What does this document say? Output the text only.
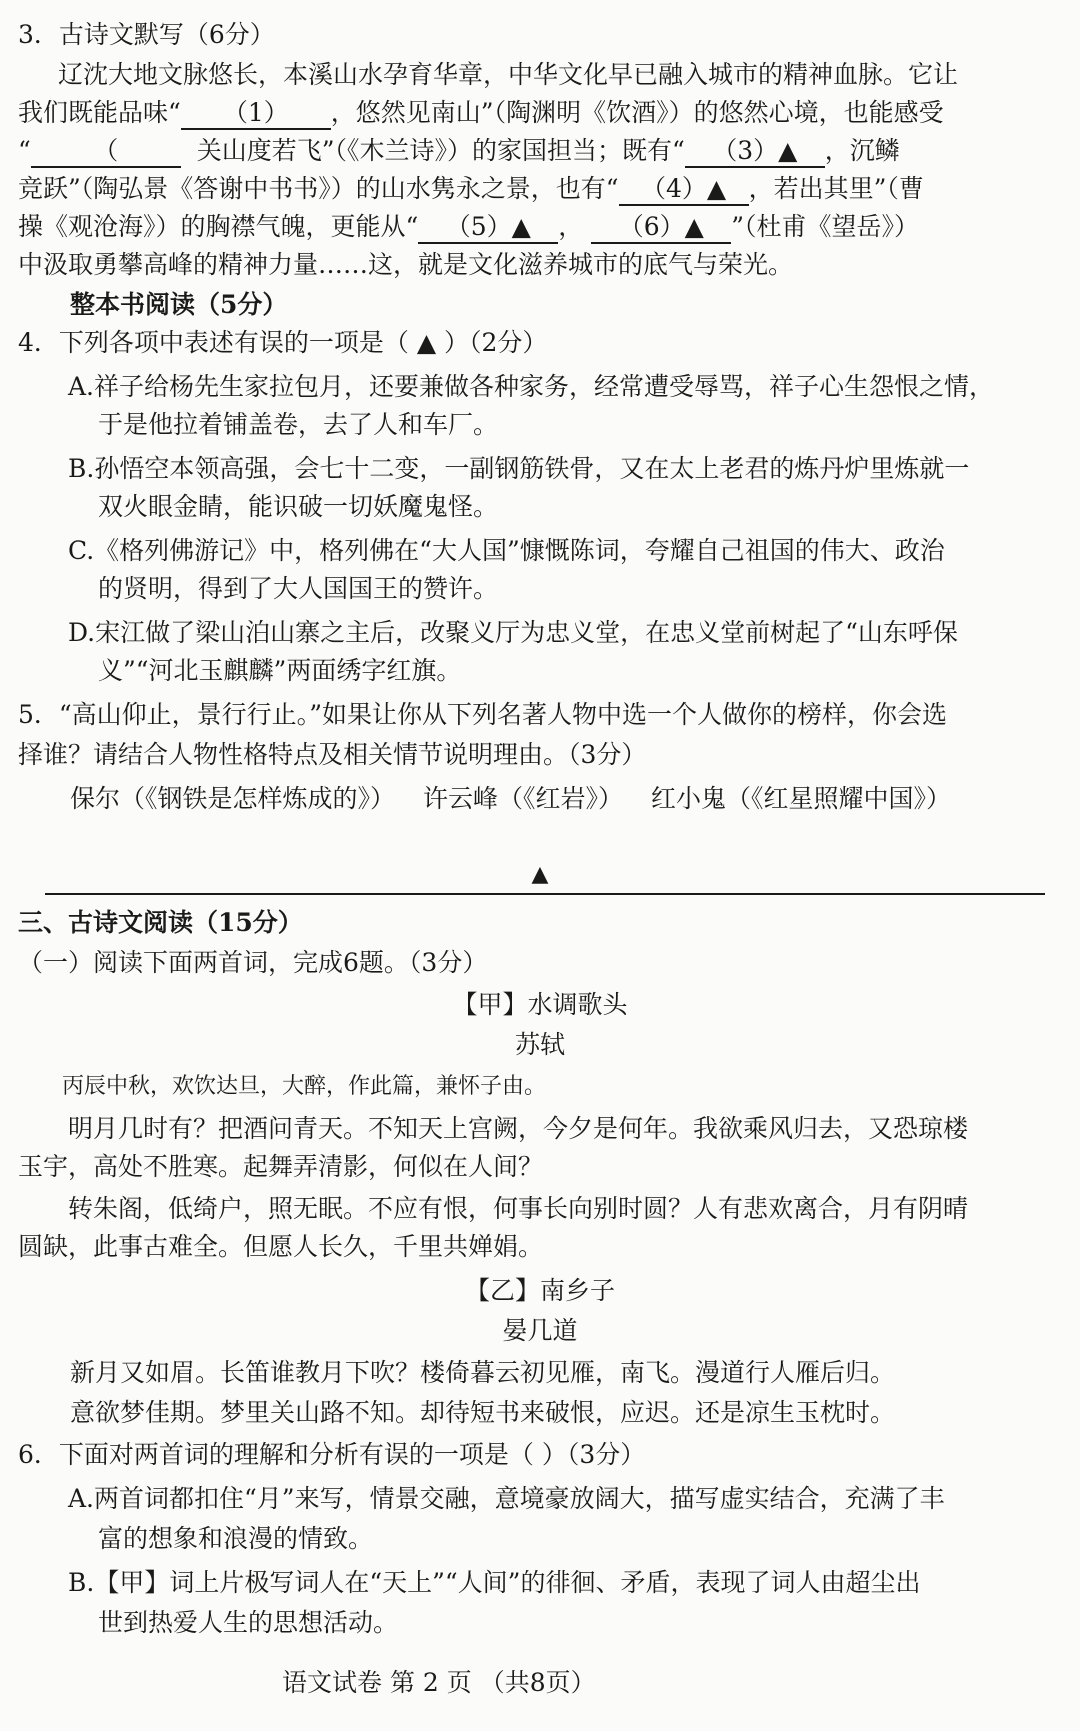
3．古诗文默写（6分）
辽沈大地文脉悠长，本溪山水孕育华章，中华文化早已融入城市的精神血脉。它让
我们既能品味“ （1） ，悠然见南山”（陶渊明《饮酒》）的悠然心境，也能感受
“ （	关山度若飞”（《木兰诗》）的家国担当；既有“ （3）▲ ，沉鳞
竞跃”（陶弘景《答谢中书书》）的山水隽永之景，也有“ （4）▲ ，若出其里”（曹
操《观沧海》）的胸襟气魄，更能从“ （5）▲ ， （6）▲ ”（杜甫《望岳》）
中汲取勇攀高峰的精神力量……这，就是文化滋养城市的底气与荣光。
整本书阅读（5分）
4．下列各项中表述有误的一项是（ ▲ ）（2分）
A.祥子给杨先生家拉包月，还要兼做各种家务，经常遭受辱骂，祥子心生怨恨之情，
于是他拉着铺盖卷，去了人和车厂。
B.孙悟空本领高强，会七十二变，一副钢筋铁骨，又在太上老君的炼丹炉里炼就一
双火眼金睛，能识破一切妖魔鬼怪。
C.《格列佛游记》中，格列佛在“大人国”慷慨陈词，夸耀自己祖国的伟大、政治
的贤明，得到了大人国国王的赞许。
D.宋江做了梁山泊山寨之主后，改聚义厅为忠义堂，在忠义堂前树起了“山东呼保
义”“河北玉麒麟”两面绣字红旗。
5．“高山仰止，景行行止。”如果让你从下列名著人物中选一个人做你的榜样，你会选
择谁？请结合人物性格特点及相关情节说明理由。（3分）
保尔（《钢铁是怎样炼成的》） 许云峰（《红岩》） 红小鬼（《红星照耀中国》）
▲
三、古诗文阅读（15分）
（一）阅读下面两首词，完成6题。（3分）
【甲】水调歌头
苏轼
丙辰中秋，欢饮达旦，大醉，作此篇，兼怀子由。
明月几时有？把酒问青天。不知天上宫阙，今夕是何年。我欲乘风归去，又恐琼楼
玉宇，高处不胜寒。起舞弄清影，何似在人间？
转朱阁，低绮户，照无眠。不应有恨，何事长向别时圆？人有悲欢离合，月有阴晴
圆缺，此事古难全。但愿人长久，千里共婵娟。
【乙】南乡子
晏几道
新月又如眉。长笛谁教月下吹？楼倚暮云初见雁，南飞。漫道行人雁后归。
意欲梦佳期。梦里关山路不知。却待短书来破恨，应迟。还是凉生玉枕时。
6．下面对两首词的理解和分析有误的一项是（ ）（3分）
A.两首词都扣住“月”来写，情景交融，意境豪放阔大，描写虚实结合，充满了丰
富的想象和浪漫的情致。
B.【甲】词上片极写词人在“天上”“人间”的徘徊、矛盾，表现了词人由超尘出
世到热爱人生的思想活动。
语文试卷 第 2 页 （共8页）
